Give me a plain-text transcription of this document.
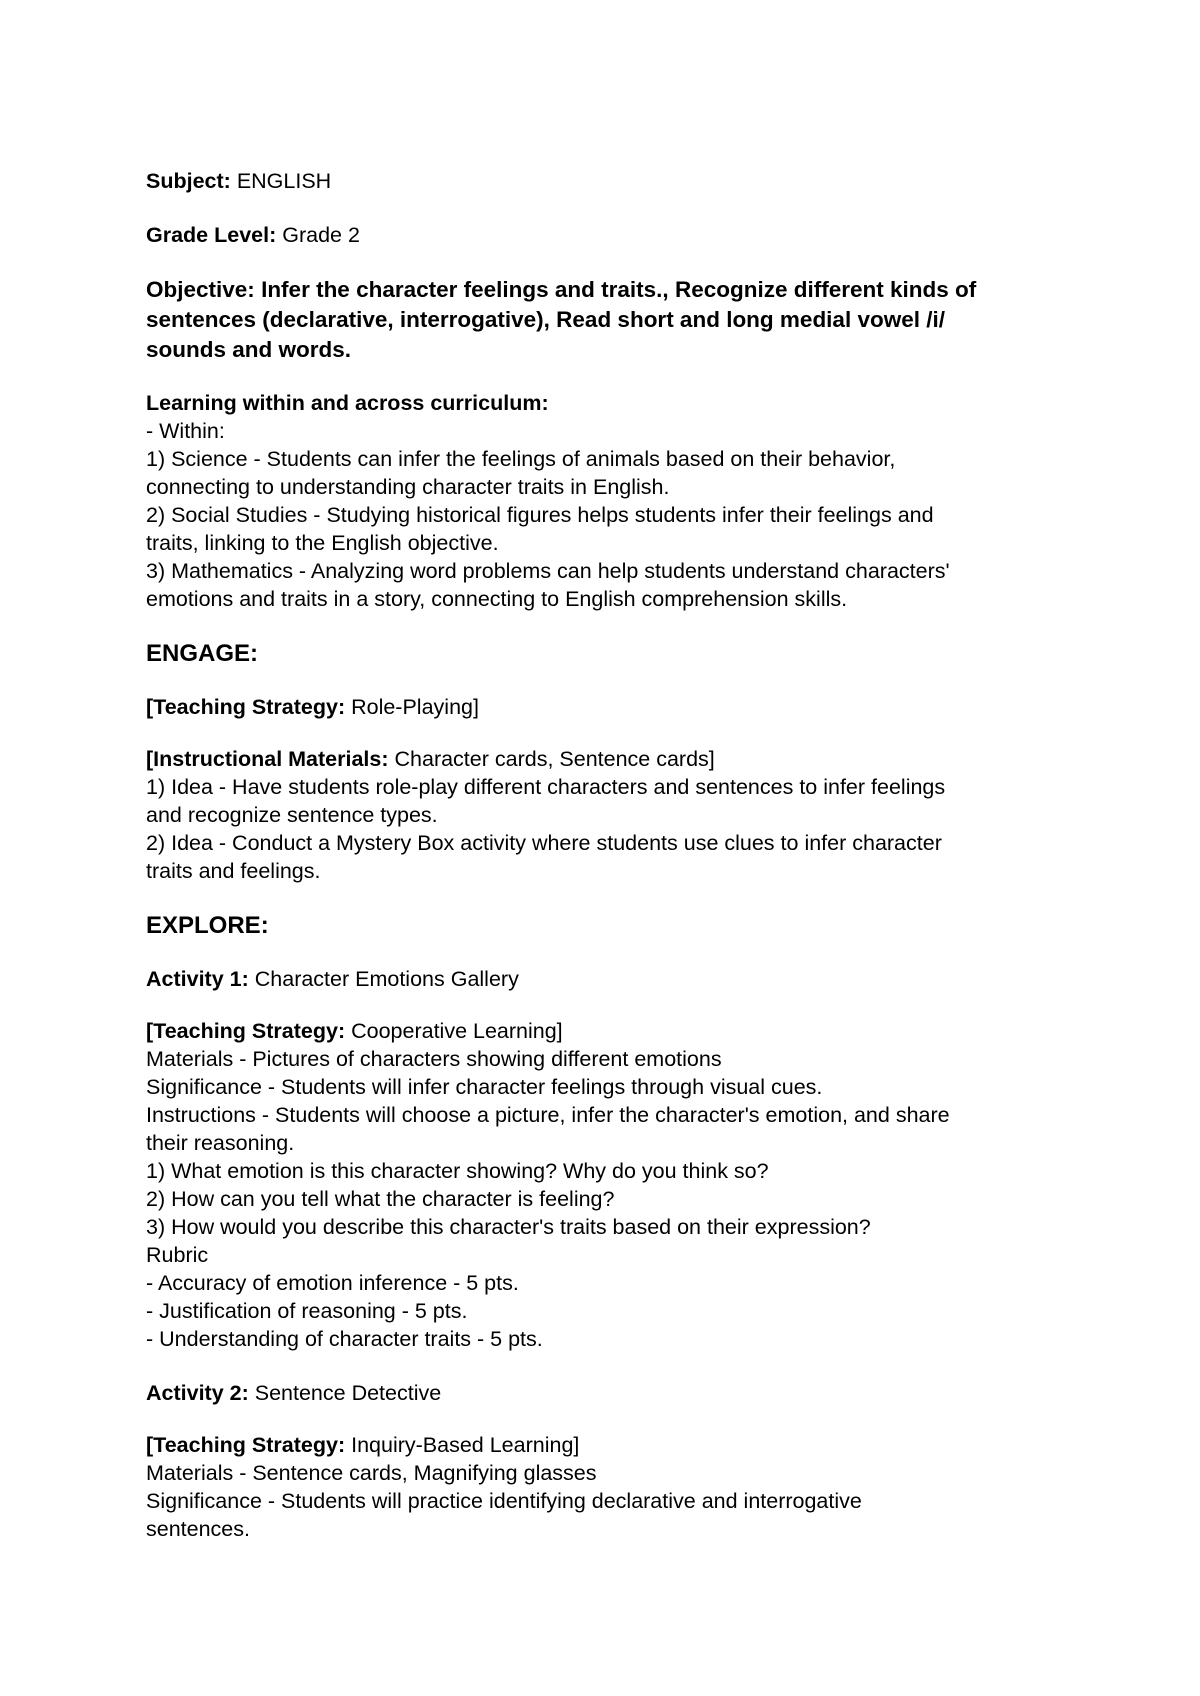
Subject: ENGLISH
Grade Level: Grade 2
Objective: Infer the character feelings and traits., Recognize different kinds of
sentences (declarative, interrogative), Read short and long medial vowel /i/
sounds and words.
Learning within and across curriculum:
- Within:
1) Science - Students can infer the feelings of animals based on their behavior,
connecting to understanding character traits in English.
2) Social Studies - Studying historical figures helps students infer their feelings and
traits, linking to the English objective.
3) Mathematics - Analyzing word problems can help students understand characters'
emotions and traits in a story, connecting to English comprehension skills.
ENGAGE:
[Teaching Strategy: Role-Playing]
[Instructional Materials: Character cards, Sentence cards]
1) Idea - Have students role-play different characters and sentences to infer feelings
and recognize sentence types.
2) Idea - Conduct a Mystery Box activity where students use clues to infer character
traits and feelings.
EXPLORE:
Activity 1: Character Emotions Gallery
[Teaching Strategy: Cooperative Learning]
Materials - Pictures of characters showing different emotions
Significance - Students will infer character feelings through visual cues.
Instructions - Students will choose a picture, infer the character's emotion, and share
their reasoning.
1) What emotion is this character showing? Why do you think so?
2) How can you tell what the character is feeling?
3) How would you describe this character's traits based on their expression?
Rubric
- Accuracy of emotion inference - 5 pts.
- Justification of reasoning - 5 pts.
- Understanding of character traits - 5 pts.
Activity 2: Sentence Detective
[Teaching Strategy: Inquiry-Based Learning]
Materials - Sentence cards, Magnifying glasses
Significance - Students will practice identifying declarative and interrogative
sentences.
